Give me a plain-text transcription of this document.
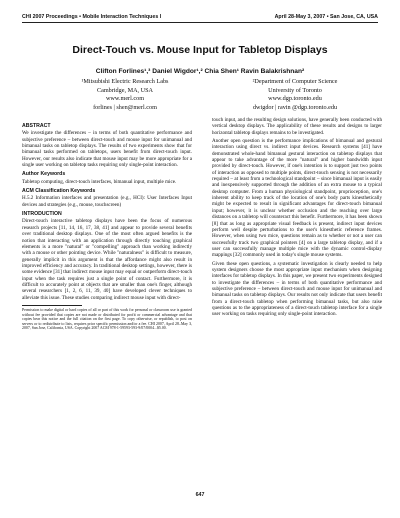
CHI 2007 Proceedings • Mobile Interaction Techniques I	April 28-May 3, 2007 • San Jose, CA, USA
Direct-Touch vs. Mouse Input for Tabletop Displays
Clifton Forlines¹,³ Daniel Wigdor¹,² Chia Shen¹ Ravin Balakrishnan²
¹Mitsubishi Electric Research Labs
Cambridge, MA, USA
www.merl.com
forlines | shen@merl.com
²Department of Computer Science
University of Toronto
www.dgp.toronto.edu
dwigdor | ravin @dgp.toronto.edu
ABSTRACT

We investigate the differences – in terms of both quantitative performance and subjective preference – between direct-touch and mouse input for unimanual and bimanual tasks on tabletop displays. The results of two experiments show that for bimanual tasks performed on tabletops, users benefit from direct-touch input. However, our results also indicate that mouse input may be more appropriate for a single user working on tabletop tasks requiring only single-point interaction.

Author Keywords

Tabletop computing, direct-touch interfaces, bimanual input, multiple mice.

ACM Classification Keywords

H.5.2 Information interfaces and presentation (e.g., HCI): User Interfaces Input devices and strategies (e.g., mouse, touchscreen)

INTRODUCTION

Direct-touch interactive tabletop displays have been the focus of numerous research projects [11, 14, 16, 17, 38, 41] and appear to provide several benefits over traditional desktop displays. One of the most often argued benefits is the notion that interacting with an application through directly touching graphical elements is a more "natural" or "compelling" approach than working indirectly with a mouse or other pointing device. While "naturalness" is difficult to measure, generally implicit in this argument is that the affordance might also result in improved efficiency and accuracy. In traditional desktop settings, however, there is some evidence [31] that indirect mouse input may equal or outperform direct-touch input when the task requires just a single point of contact. Furthermore, it is difficult to accurately point at objects that are smaller than one's finger, although several researchers [1, 2, 6, 11, 39, 40] have developed clever techniques to alleviate this issue. These studies comparing indirect mouse input with direct-

Permission to make digital or hard copies of all or part of this work for personal or classroom use is granted without fee provided that copies are not made or distributed for profit or commercial advantage and that copies bear this notice and the full citation on the first page. To copy otherwise, or republish, to post on servers or to redistribute to lists, requires prior specific permission and/or a fee. CHI 2007, April 28–May 3, 2007, San Jose, California, USA. Copyright 2007 ACM 978-1-59593-593-9/07/0004...$5.00.

touch input, and the resulting design solutions, have generally been conducted with vertical desktop displays. The applicability of these results and designs to larger horizontal tabletop displays remains to be investigated.

Another open question is the performance implications of bimanual and gestural interaction using direct vs. indirect input devices. Research systems [41] have demonstrated whole-hand bimanual gestural interaction on tabletop displays that appear to take advantage of the more "natural" and higher bandwidth input provided by direct-touch. However, if one's intention is to support just two points of interaction as opposed to multiple points, direct-touch sensing is not necessarily required – at least from a technological standpoint – since bimanual input is easily and inexpensively supported through the addition of an extra mouse to a typical desktop computer. From a human physiological standpoint, proprioception, one's inherent ability to keep track of the location of one's body parts kinesthetically might be expected to result in significant advantages for direct-touch bimanual input; however, it is unclear whether occlusion and the reaching over large distances on a tabletop will counteract this benefit. Furthermore, it has been shown [8] that as long as appropriate visual feedback is present, indirect input devices perform well despite perturbations to the user's kinesthetic reference frames. However, when using two mice, questions remain as to whether or not a user can successfully track two graphical pointers [4] on a large tabletop display, and if a user can successfully manage multiple mice with the dynamic control-display mappings [32] commonly used in today's single mouse systems.

Given these open questions, a systematic investigation is clearly needed to help system designers choose the most appropriate input mechanism when designing interfaces for tabletop displays. In this paper, we present two experiments designed to investigate the differences – in terms of both quantitative performance and subjective preference – between direct-touch and mouse input for unimanual and bimanual tasks on tabletop displays. Our results not only indicate that users benefit from a direct-touch tabletop when performing bimanual tasks, but also raise questions as to the appropriateness of a direct-touch tabletop interface for a single user working on tasks requiring only single-point interaction.

647
